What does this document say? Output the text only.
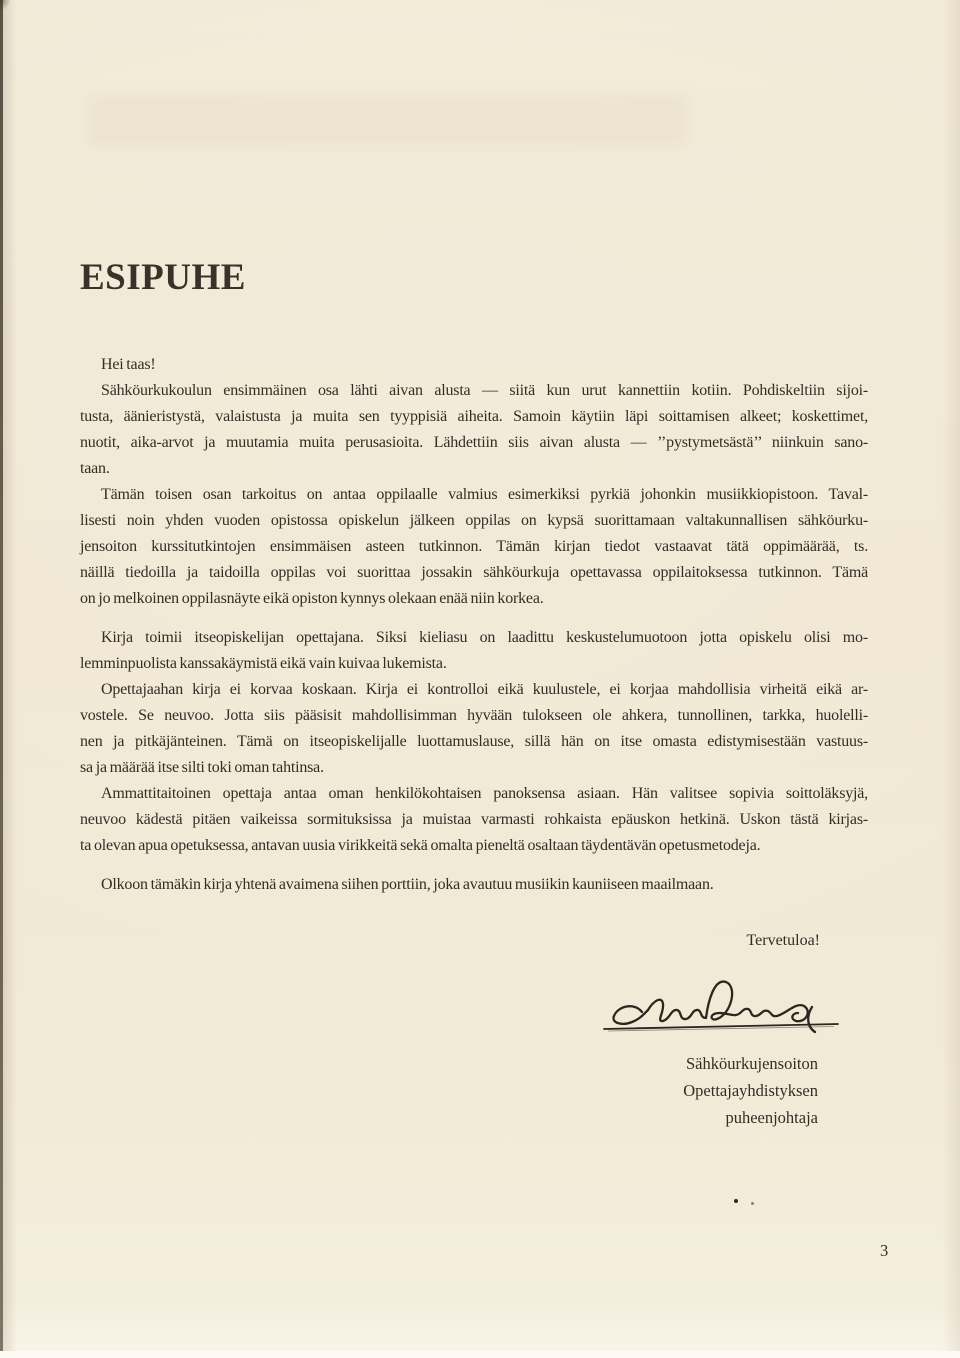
ESIPUHE
Hei taas!
Sähköurkukoulun ensimmäinen osa lähti aivan alusta — siitä kun urut kannettiin kotiin. Pohdiskeltiin sijoi-
tusta, äänieristystä, valaistusta ja muita sen tyyppisiä aiheita. Samoin käytiin läpi soittamisen alkeet; koskettimet,
nuotit, aika-arvot ja muutamia muita perusasioita. Lähdettiin siis aivan alusta — ’’pystymetsästä’’ niinkuin sano-
taan.
Tämän toisen osan tarkoitus on antaa oppilaalle valmius esimerkiksi pyrkiä johonkin musiikkiopistoon. Taval-
lisesti noin yhden vuoden opistossa opiskelun jälkeen oppilas on kypsä suorittamaan valtakunnallisen sähköurku-
jensoiton kurssitutkintojen ensimmäisen asteen tutkinnon. Tämän kirjan tiedot vastaavat tätä oppimäärää, ts.
näillä tiedoilla ja taidoilla oppilas voi suorittaa jossakin sähköurkuja opettavassa oppilaitoksessa tutkinnon. Tämä
on jo melkoinen oppilasnäyte eikä opiston kynnys olekaan enää niin korkea.
Kirja toimii itseopiskelijan opettajana. Siksi kieliasu on laadittu keskustelumuotoon jotta opiskelu olisi mo-
lemminpuolista kanssakäymistä eikä vain kuivaa lukemista.
Opettajaahan kirja ei korvaa koskaan. Kirja ei kontrolloi eikä kuulustele, ei korjaa mahdollisia virheitä eikä ar-
vostele. Se neuvoo. Jotta siis pääsisit mahdollisimman hyvään tulokseen ole ahkera, tunnollinen, tarkka, huolelli-
nen ja pitkäjänteinen. Tämä on itseopiskelijalle luottamuslause, sillä hän on itse omasta edistymisestään vastuus-
sa ja määrää itse silti toki oman tahtinsa.
Ammattitaitoinen opettaja antaa oman henkilökohtaisen panoksensa asiaan. Hän valitsee sopivia soittoläksyjä,
neuvoo kädestä pitäen vaikeissa sormituksissa ja muistaa varmasti rohkaista epäuskon hetkinä. Uskon tästä kirjas-
ta olevan apua opetuksessa, antavan uusia virikkeitä sekä omalta pieneltä osaltaan täydentävän opetusmetodeja.
Olkoon tämäkin kirja yhtenä avaimena siihen porttiin, joka avautuu musiikin kauniiseen maailmaan.
Tervetuloa!
Sähköurkujensoiton
Opettajayhdistyksen
puheenjohtaja
3
